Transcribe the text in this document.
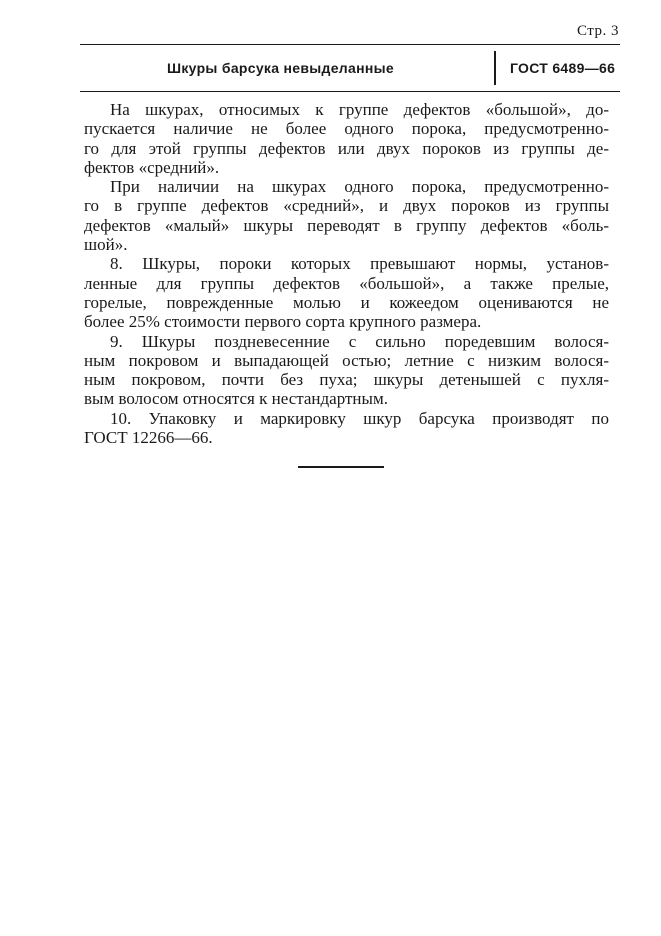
Стр. 3
Шкуры барсука невыделанные	ГОСТ 6489—66
На шкурах, относимых к группе дефектов «большой», до-
пускается наличие не более одного порока, предусмотренно-
го для этой группы дефектов или двух пороков из группы де-
фектов «средний».
При наличии на шкурах одного порока, предусмотренно-
го в группе дефектов «средний», и двух пороков из группы
дефектов «малый» шкуры переводят в группу дефектов «боль-
шой».
8. Шкуры, пороки которых превышают нормы, установ-
ленные для группы дефектов «большой», а также прелые,
горелые, поврежденные молью и кожеедом оцениваются не
более 25% стоимости первого сорта крупного размера.
9. Шкуры поздневесенние с сильно поредевшим волося-
ным покровом и выпадающей остью; летние с низким волося-
ным покровом, почти без пуха; шкуры детенышей с пухля-
вым волосом относятся к нестандартным.
10. Упаковку и маркировку шкур барсука производят по
ГОСТ 12266—66.
